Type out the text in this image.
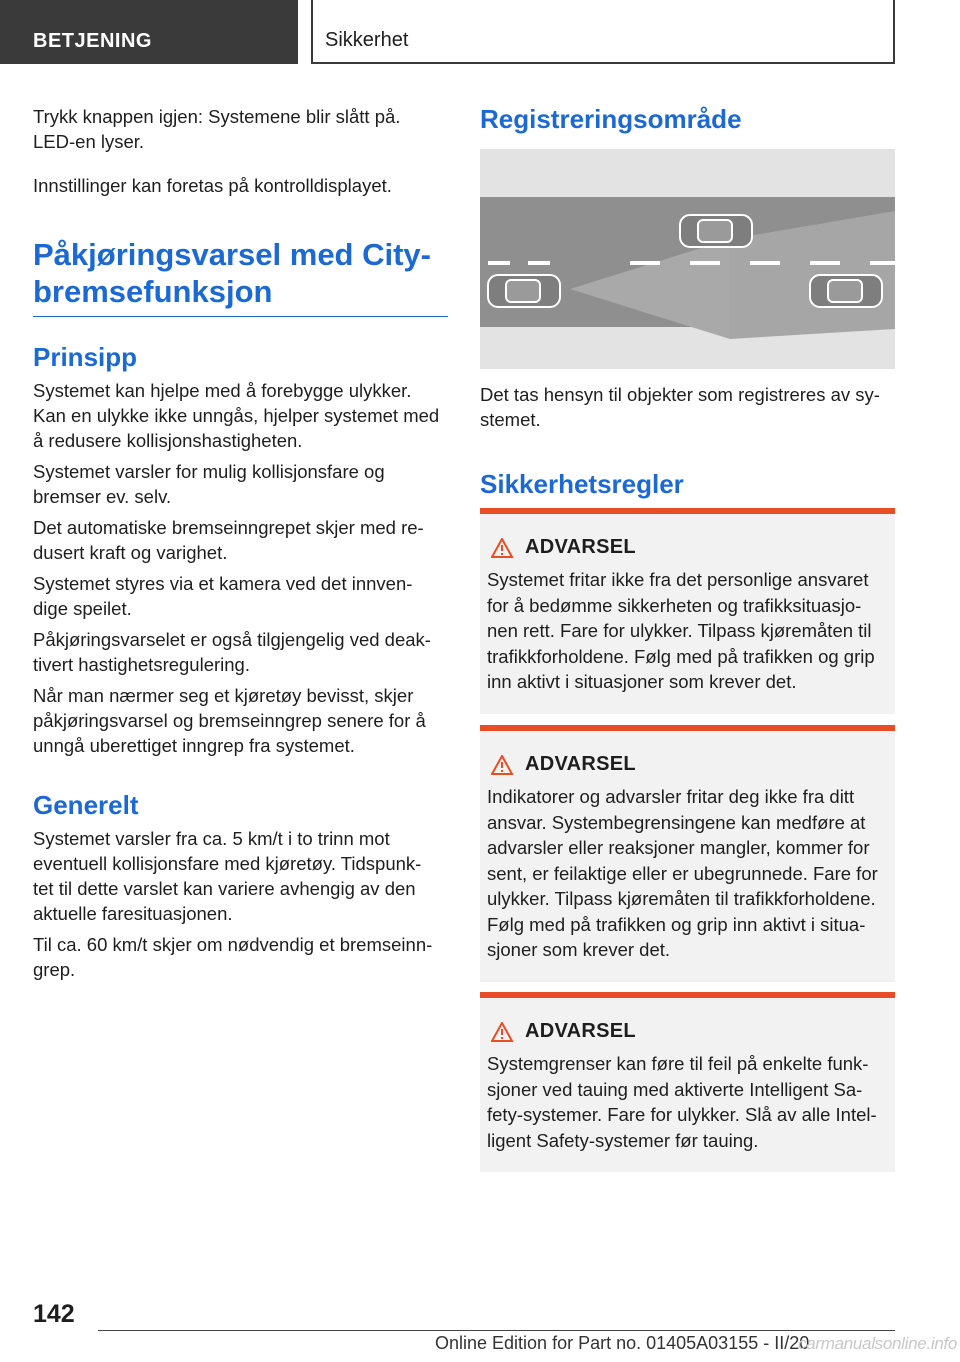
BETJENING	Sikkerhet

Trykk knappen igjen: Systemene blir slått på. LED-en lyser.

Innstillinger kan foretas på kontrolldisplayet.

Påkjøringsvarsel med City-
bremsefunksjon
Prinsipp

Systemet kan hjelpe med å forebygge ulykker. Kan en ulykke ikke unngås, hjelper systemet med å redusere kollisjonshastigheten.

Systemet varsler for mulig kollisjonsfare og bremser ev. selv.

Det automatiske bremseinngrepet skjer med re-dusert kraft og varighet.

Systemet styres via et kamera ved det innven-dige speilet.

Påkjøringsvarselet er også tilgjengelig ved deak-tivert hastighetsregulering.

Når man nærmer seg et kjøretøy bevisst, skjer påkjøringsvarsel og bremseinngrep senere for å unngå uberettiget inngrep fra systemet.

Generelt

Systemet varsler fra ca. 5 km/t i to trinn mot eventuell kollisjonsfare med kjøretøy. Tidspunk-tet til dette varslet kan variere avhengig av den aktuelle faresituasjonen.

Til ca. 60 km/t skjer om nødvendig et bremseinn-grep.

Registreringsområde

Det tas hensyn til objekter som registreres av sy-stemet.

Sikkerhetsregler
ADVARSEL

Systemet fritar ikke fra det personlige ansvaret for å bedømme sikkerheten og trafikksituasjo-nen rett. Fare for ulykker. Tilpass kjøremåten til trafikkforholdene. Følg med på trafikken og grip inn aktivt i situasjoner som krever det.

ADVARSEL

Indikatorer og advarsler fritar deg ikke fra ditt ansvar. Systembegrensingene kan medføre at advarsler eller reaksjoner mangler, kommer for sent, er feilaktige eller er ubegrunnede. Fare for ulykker. Tilpass kjøremåten til trafikkforholdene. Følg med på trafikken og grip inn aktivt i situa-sjoner som krever det.

ADVARSEL

Systemgrenser kan føre til feil på enkelte funk-sjoner ved tauing med aktiverte Intelligent Sa-fety-systemer. Fare for ulykker. Slå av alle Intel-ligent Safety-systemer før tauing.

142
Online Edition for Part no. 01405A03155 - II/20
carmanualsonline.info
